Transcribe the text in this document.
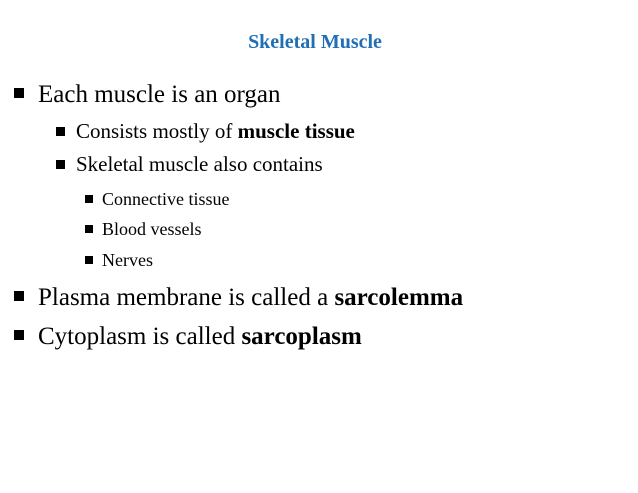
Skeletal Muscle
Each muscle is an organ
Consists mostly of muscle tissue
Skeletal muscle also contains
Connective tissue
Blood vessels
Nerves
Plasma membrane is called a sarcolemma
Cytoplasm is called sarcoplasm
